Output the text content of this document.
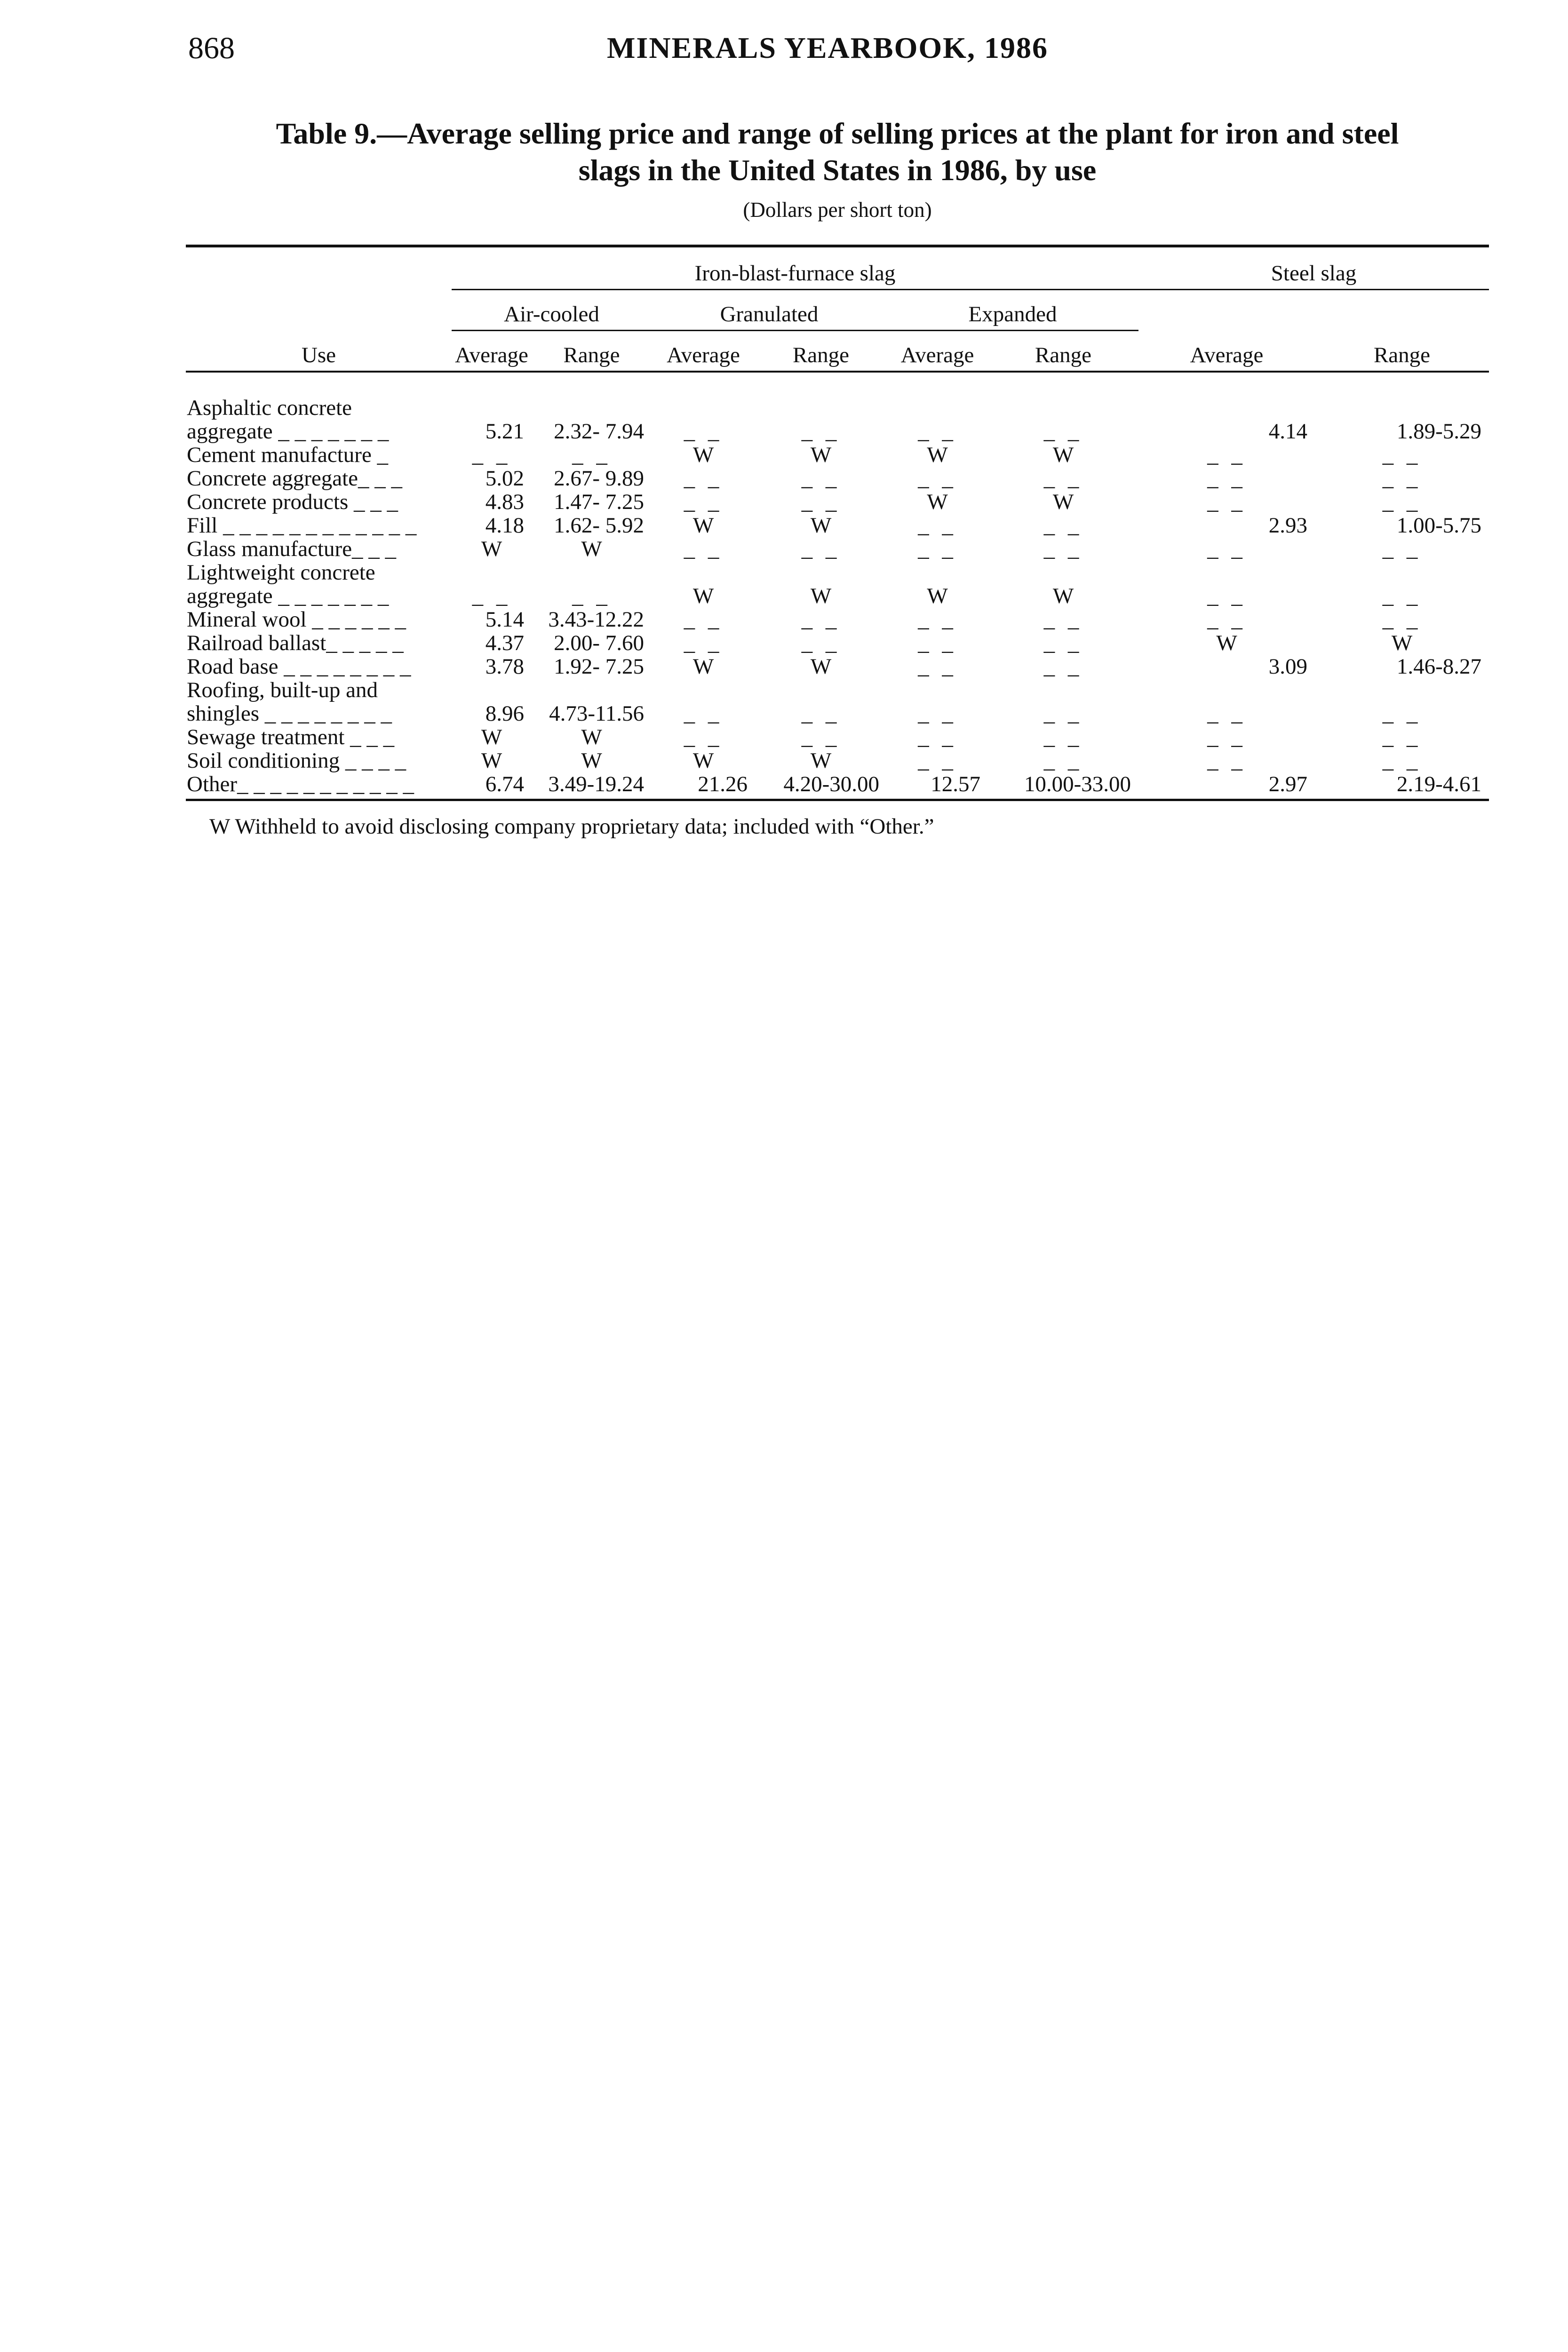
868	MINERALS YEARBOOK, 1986
Table 9.—Average selling price and range of selling prices at the plant for iron and steel
slags in the United States in 1986, by use
(Dollars per short ton)
Use	Iron-blast-furnace slag						Steel slag	
	Air-cooled		Granulated		Expanded		Average	Range
	Average	Range	Average	Range	Average	Range		

Asphaltic concrete								
aggregate _ _ _ _ _ _ _	5.21	2.32- 7.94	_ _	_ _	_ _	_ _	4.14	1.89-5.29
Cement manufacture _	_ _	_ _	W	W	W	W	_ _	_ _
Concrete aggregate_ _ _	5.02	2.67- 9.89	_ _	_ _	_ _	_ _	_ _	_ _
Concrete products _ _ _	4.83	1.47- 7.25	_ _	_ _	W	W	_ _	_ _
Fill _ _ _ _ _ _ _ _ _ _ _ _	4.18	1.62- 5.92	W	W	_ _	_ _	2.93	1.00-5.75
Glass manufacture_ _ _	W	W	_ _	_ _	_ _	_ _	_ _	_ _
Lightweight concrete								
aggregate _ _ _ _ _ _ _	_ _	_ _	W	W	W	W	_ _	_ _
Mineral wool _ _ _ _ _ _	5.14	3.43-12.22	_ _	_ _	_ _	_ _	_ _	_ _
Railroad ballast_ _ _ _ _	4.37	2.00- 7.60	_ _	_ _	_ _	_ _	W	W
Road base _ _ _ _ _ _ _ _	3.78	1.92- 7.25	W	W	_ _	_ _	3.09	1.46-8.27
Roofing, built-up and								
shingles _ _ _ _ _ _ _ _	8.96	4.73-11.56	_ _	_ _	_ _	_ _	_ _	_ _
Sewage treatment _ _ _	W	W	_ _	_ _	_ _	_ _	_ _	_ _
Soil conditioning _ _ _ _	W	W	W	W	_ _	_ _	_ _	_ _
Other_ _ _ _ _ _ _ _ _ _ _	6.74	3.49-19.24	21.26	4.20-30.00	12.57	10.00-33.00	2.97	2.19-4.61
W Withheld to avoid disclosing company proprietary data; included with “Other.”
